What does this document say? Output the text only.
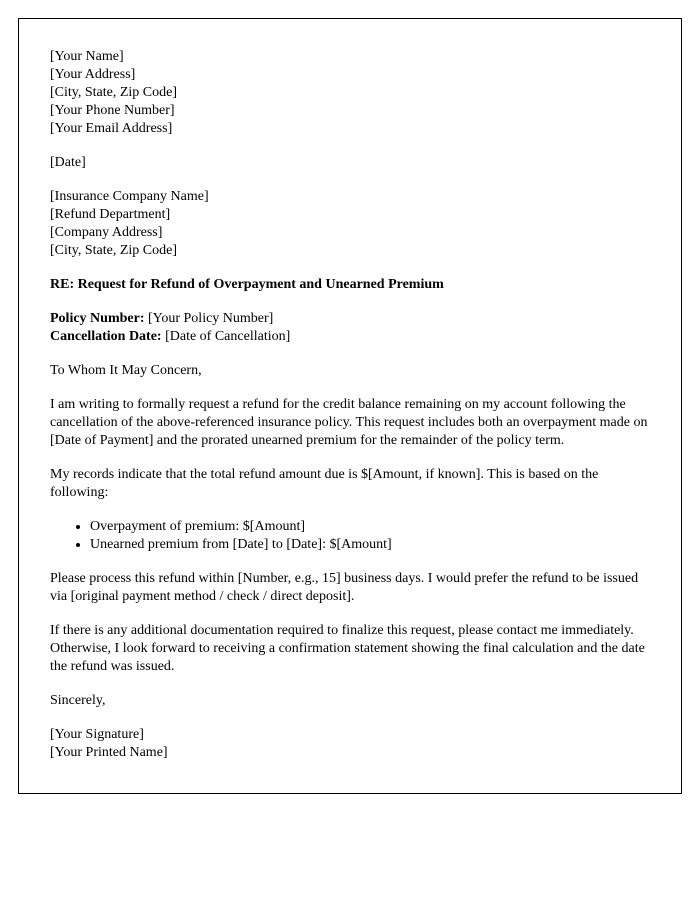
[Your Name]
[Your Address]
[City, State, Zip Code]
[Your Phone Number]
[Your Email Address]
[Date]
[Insurance Company Name]
[Refund Department]
[Company Address]
[City, State, Zip Code]

RE: Request for Refund of Overpayment and Unearned Premium

Policy Number: [Your Policy Number]
Cancellation Date: [Date of Cancellation]

To Whom It May Concern,

I am writing to formally request a refund for the credit balance remaining on my account following the cancellation of the above-referenced insurance policy. This request includes both an overpayment made on [Date of Payment] and the prorated unearned premium for the remainder of the policy term.

My records indicate that the total refund amount due is $[Amount, if known]. This is based on the following:

• Overpayment of premium: $[Amount]
• Unearned premium from [Date] to [Date]: $[Amount]

Please process this refund within [Number, e.g., 15] business days. I would prefer the refund to be issued via [original payment method / check / direct deposit].

If there is any additional documentation required to finalize this request, please contact me immediately. Otherwise, I look forward to receiving a confirmation statement showing the final calculation and the date the refund was issued.

Sincerely,

[Your Signature]
[Your Printed Name]
